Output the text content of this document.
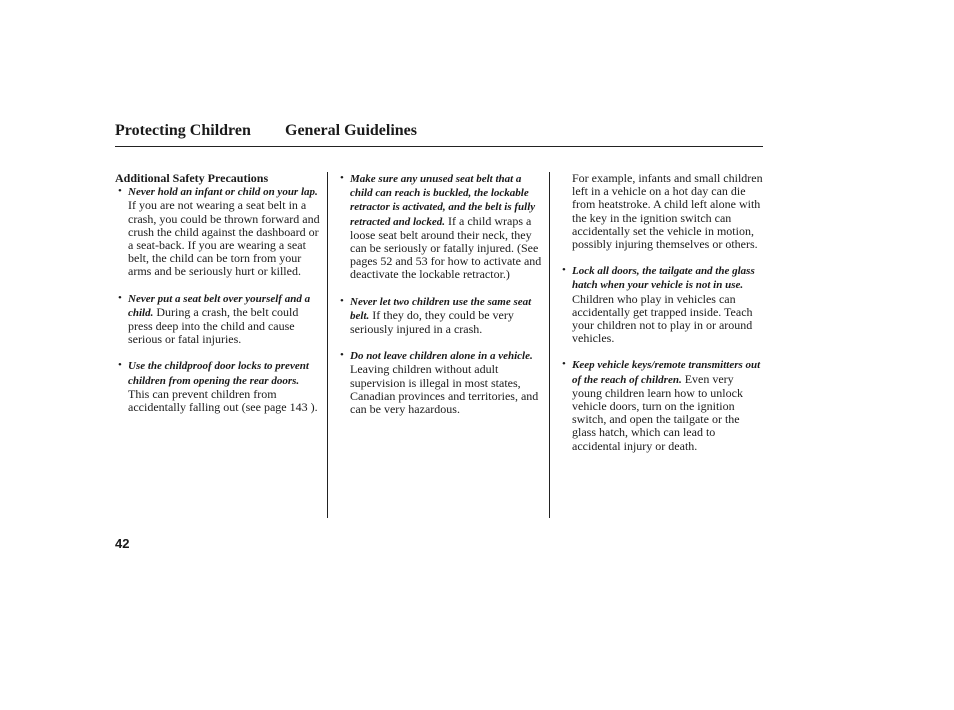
Protecting Children General Guidelines
Additional Safety Precautions
• Never hold an infant or child on your lap. If you are not wearing a seat belt in a crash, you could be thrown forward and crush the child against the dashboard or a seat-back. If you are wearing a seat belt, the child can be torn from your arms and be seriously hurt or killed.
• Never put a seat belt over yourself and a child. During a crash, the belt could press deep into the child and cause serious or fatal injuries.
• Use the childproof door locks to prevent children from opening the rear doors. This can prevent children from accidentally falling out (see page 143 ).
• Make sure any unused seat belt that a child can reach is buckled, the lockable retractor is activated, and the belt is fully retracted and locked. If a child wraps a loose seat belt around their neck, they can be seriously or fatally injured. (See pages 52 and 53 for how to activate and deactivate the lockable retractor.)
• Never let two children use the same seat belt. If they do, they could be very seriously injured in a crash.
• Do not leave children alone in a vehicle. Leaving children without adult supervision is illegal in most states, Canadian provinces and territories, and can be very hazardous.
For example, infants and small children left in a vehicle on a hot day can die from heatstroke. A child left alone with the key in the ignition switch can accidentally set the vehicle in motion, possibly injuring themselves or others.
• Lock all doors, the tailgate and the glass hatch when your vehicle is not in use. Children who play in vehicles can accidentally get trapped inside. Teach your children not to play in or around vehicles.
• Keep vehicle keys/remote transmitters out of the reach of children. Even very young children learn how to unlock vehicle doors, turn on the ignition switch, and open the tailgate or the glass hatch, which can lead to accidental injury or death.
42
